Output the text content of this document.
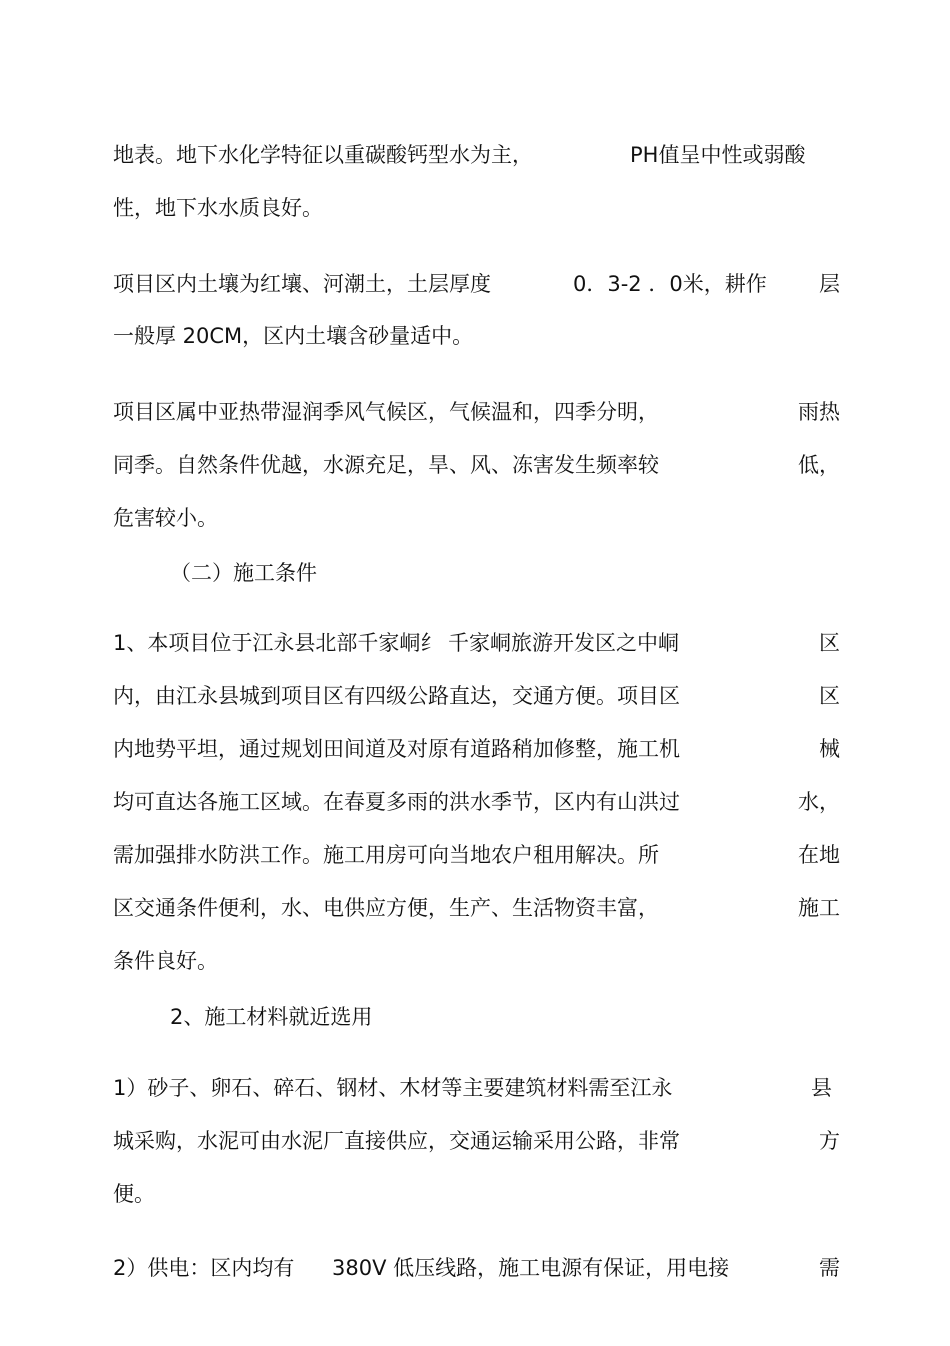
地表。地下水化学特征以重碳酸钙型水为主，	PH值呈中性或弱酸
性，地下水水质良好。
项目区内土壤为红壤、河潮土，土层厚度	0．3-2 ．0米，耕作 层
一般厚 20CM，区内土壤含砂量适中。
项目区属中亚热带湿润季风气候区，气候温和，四季分明，	雨热
同季。自然条件优越，水源充足，旱、风、冻害发生频率较	低，
危害较小。
（二）施工条件
1、本项目位于江永县北部千家峒纟 千家峒旅游开发区之中峒	区
内，由江永县城到项目区有四级公路直达，交通方便。项目区	区
内地势平坦，通过规划田间道及对原有道路稍加修整，施工机	械
均可直达各施工区域。在春夏多雨的洪水季节，区内有山洪过	水，
需加强排水防洪工作。施工用房可向当地农户租用解决。所	在地
区交通条件便利，水、电供应方便，生产、生活物资丰富，	施工
条件良好。
2、施工材料就近选用
1）砂子、卵石、碎石、钢材、木材等主要建筑材料需至江永	县
城采购，水泥可由水泥厂直接供应，交通运输采用公路，非常	方
便。
2）供电：区内均有 380V 低压线路，施工电源有保证，用电接	需
